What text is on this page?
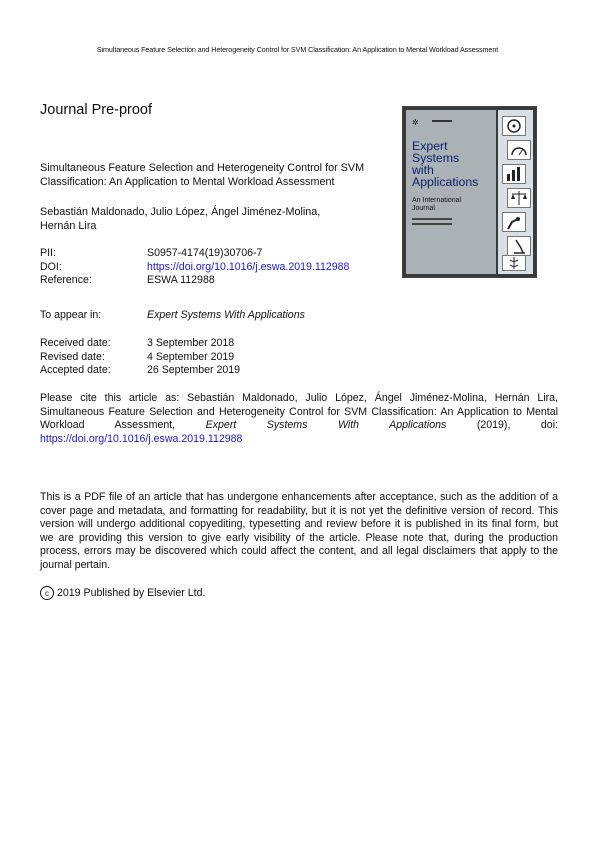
Simultaneous Feature Selection and Heterogeneity Control for SVM Classification: An Application to Mental Workload Assessment
Journal Pre-proof
Simultaneous Feature Selection and Heterogeneity Control for SVM
Classification: An Application to Mental Workload Assessment
Sebastián Maldonado, Julio López, Ángel Jiménez-Molina,
Hernán Lira
PII:	S0957-4174(19)30706-7
DOI:	https://doi.org/10.1016/j.eswa.2019.112988
Reference:	ESWA 112988
To appear in:	Expert Systems With Applications
Received date:	3 September 2018
Revised date:	4 September 2019
Accepted date:	26 September 2019
Please cite this article as: Sebastián Maldonado, Julio López, Ángel Jiménez-Molina, Hernán Lira, Simultaneous Feature Selection and Heterogeneity Control for SVM Classification: An Application to Mental Workload Assessment,	Expert Systems With Applications (2019), doi: https://doi.org/10.1016/j.eswa.2019.112988
This is a PDF file of an article that has undergone enhancements after acceptance, such as the addition of a cover page and metadata, and formatting for readability, but it is not yet the definitive version of record. This version will undergo additional copyediting, typesetting and review before it is published in its final form, but we are providing this version to give early visibility of the article. Please note that, during the production process, errors may be discovered which could affect the content, and all legal disclaimers that apply to the journal pertain.
c 2019 Published by Elsevier Ltd.
✲
Expert
Systems
with
Applications
An International
Journal
